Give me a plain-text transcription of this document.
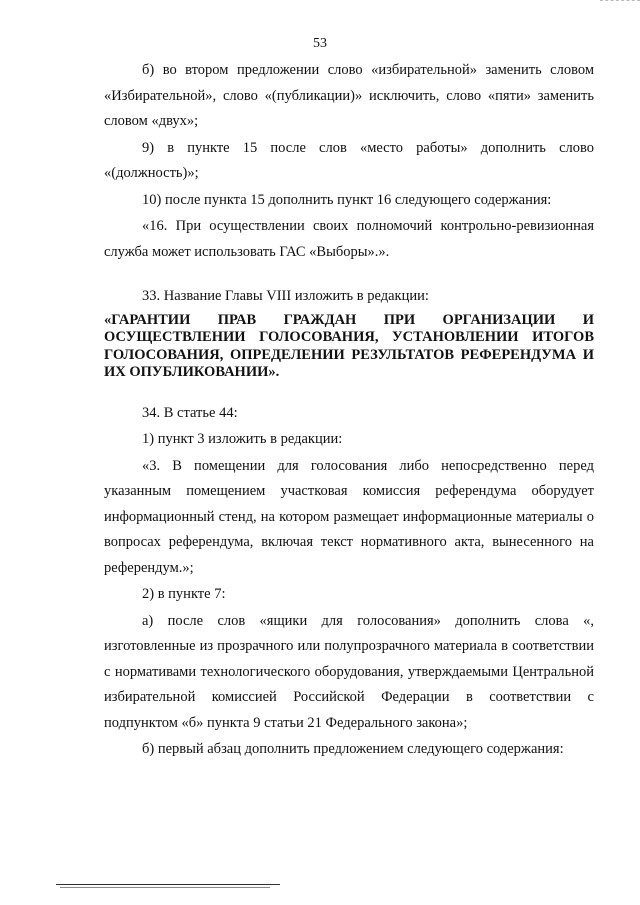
53

б) во втором предложении слово «избирательной» заменить словом «Избирательной», слово «(публикации)» исключить, слово «пяти» заменить словом «двух»;

9) в пункте 15 после слов «место работы» дополнить слово «(должность)»;

10) после пункта 15 дополнить пункт 16 следующего содержания:

«16. При осуществлении своих полномочий контрольно-ревизионная служба может использовать ГАС «Выборы».».

33. Название Главы VIII изложить в редакции:

«ГАРАНТИИ ПРАВ ГРАЖДАН ПРИ ОРГАНИЗАЦИИ И ОСУЩЕСТВЛЕНИИ ГОЛОСОВАНИЯ, УСТАНОВЛЕНИИ ИТОГОВ ГОЛОСОВАНИЯ, ОПРЕДЕЛЕНИИ РЕЗУЛЬТАТОВ РЕФЕРЕНДУМА И ИХ ОПУБЛИКОВАНИИ».

34. В статье 44:

1) пункт 3 изложить в редакции:

«3. В помещении для голосования либо непосредственно перед указанным помещением участковая комиссия референдума оборудует информационный стенд, на котором размещает информационные материалы о вопросах референдума, включая текст нормативного акта, вынесенного на референдум.»;

2) в пункте 7:

а) после слов «ящики для голосования» дополнить слова «, изготовленные из прозрачного или полупрозрачного материала в соответствии с нормативами технологического оборудования, утверждаемыми Центральной избирательной комиссией Российской Федерации в соответствии с подпунктом «б» пункта 9 статьи 21 Федерального закона»;

б) первый абзац дополнить предложением следующего содержания:
